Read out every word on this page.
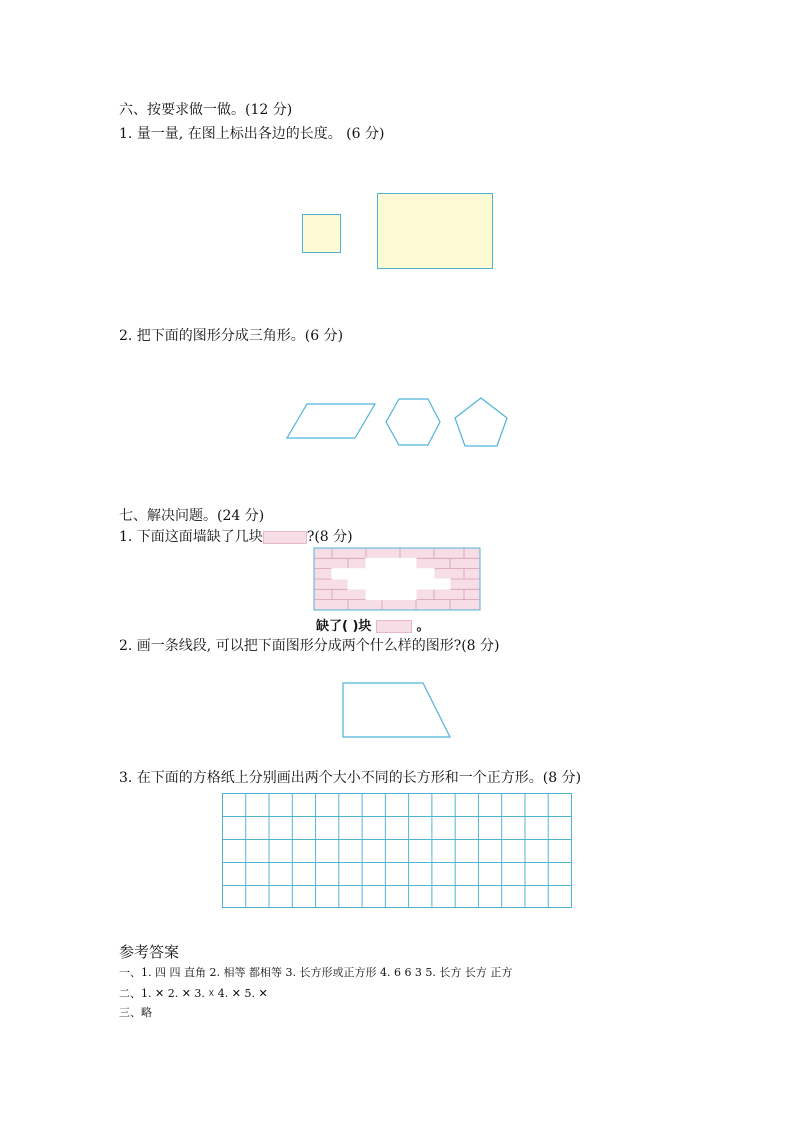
六、按要求做一做。(12 分)
1. 量一量, 在图上标出各边的长度。 (6 分)
2. 把下面的图形分成三角形。(6 分)
七、解决问题。(24 分)
1. 下面这面墙缺了几块	?(8 分)
缺了( )块	。
2. 画一条线段, 可以把下面图形分成两个什么样的图形?(8 分)
3. 在下面的方格纸上分别画出两个大小不同的长方形和一个正方形。(8 分)
参考答案
一、1. 四 四 直角 2. 相等 都相等 3. 长方形或正方形 4. 6 6 3 5. 长方 长方 正方
二、1. ✕ 2. ✕ 3. ☓ 4. ✕ 5. ✕
三、略
